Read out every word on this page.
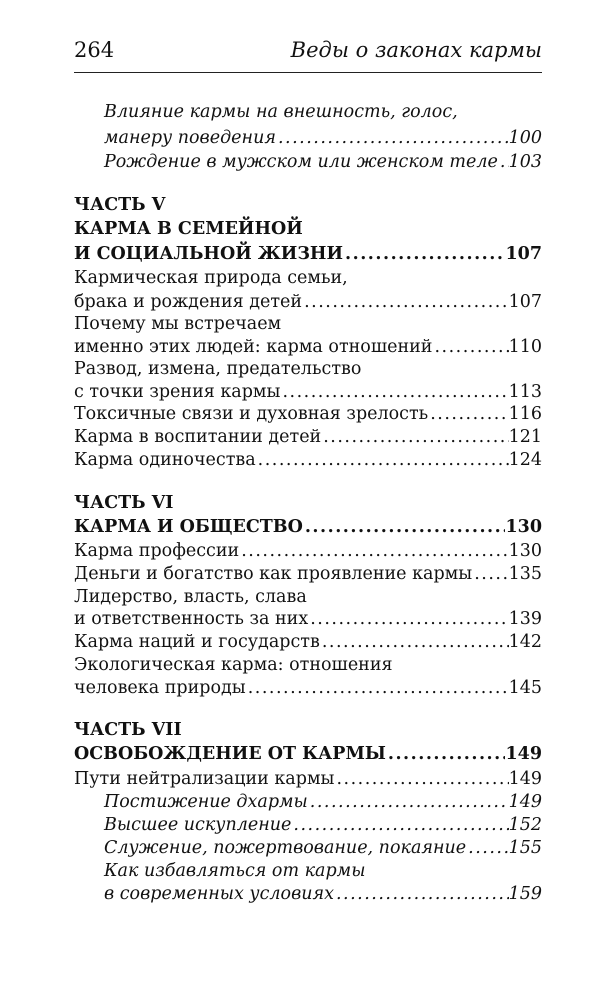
264	Веды о законах кармы
Влияние кармы на внешность, голос,
манеру поведения .....	100
Рождение в мужском или женском теле ..... 103
ЧАСТЬ V
КАРМА В СЕМЕЙНОЙ
И СОЦИАЛЬНОЙ ЖИЗНИ .....	107
Кармическая природа семьи,
брака и рождения детей .....	107
Почему мы встречаем
именно этих людей: карма отношений .....	110
Развод, измена, предательство
с точки зрения кармы .....	113
Токсичные связи и духовная зрелость .....	116
Карма в воспитании детей .....	121
Карма одиночества .....	124
ЧАСТЬ VI
КАРМА И ОБЩЕСТВО .....	130
Карма профессии .....	130
Деньги и богатство как проявление кармы ..... 135
Лидерство, власть, слава
и ответственность за них .....	139
Карма наций и государств .....	142
Экологическая карма: отношения
человека природы .....	145
ЧАСТЬ VII
ОСВОБОЖДЕНИЕ ОТ КАРМЫ .....	149
Пути нейтрализации кармы .....	149
Постижение дхармы .....	149
Высшее искупление .....	152
Служение, пожертвование, покаяние ..... 155
Как избавляться от кармы
в современных условиях .....	159
